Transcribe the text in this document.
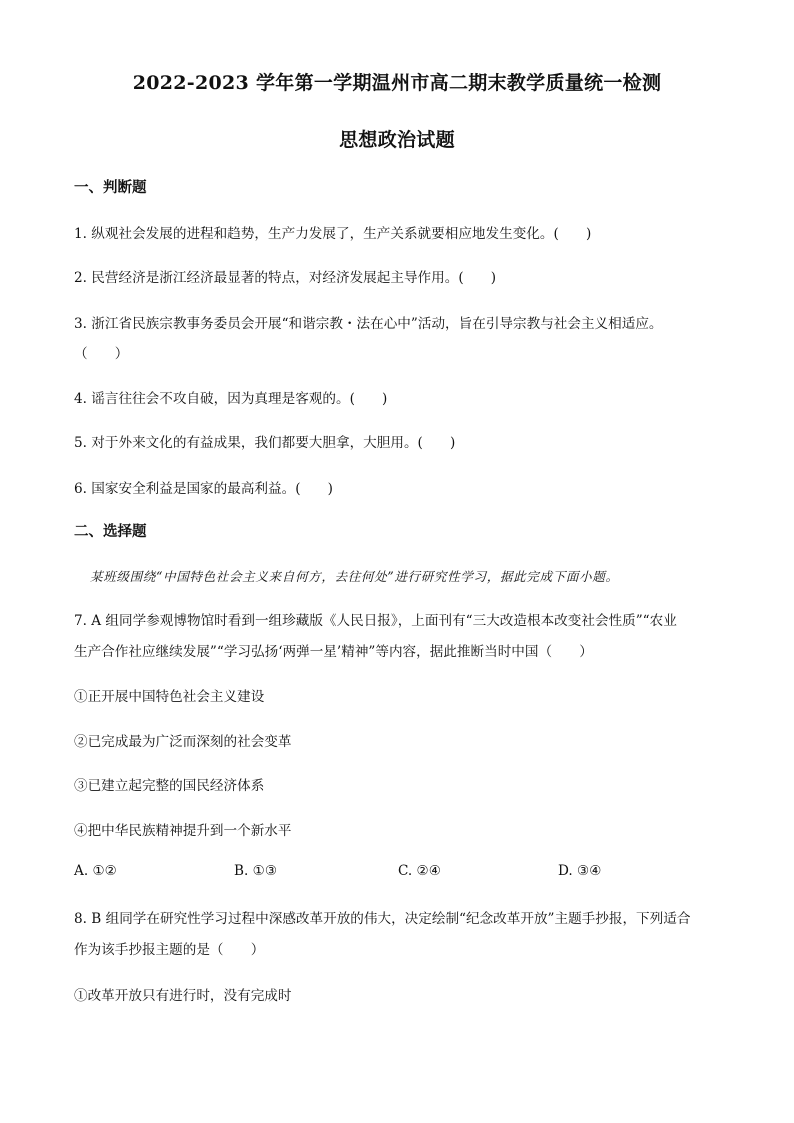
2022-2023 学年第一学期温州市高二期末教学质量统一检测
思想政治试题
一、判断题
1. 纵观社会发展的进程和趋势，生产力发展了，生产关系就要相应地发生变化。(　　)
2. 民营经济是浙江经济最显著的特点，对经济发展起主导作用。(　　)
3. 浙江省民族宗教事务委员会开展“和谐宗教・法在心中”活动，旨在引导宗教与社会主义相适应。
（　　）
4. 谣言往往会不攻自破，因为真理是客观的。(　　)
5. 对于外来文化的有益成果，我们都要大胆拿，大胆用。(　　)
6. 国家安全利益是国家的最高利益。(　　)
二、选择题
某班级围绕“中国特色社会主义来自何方，去往何处”进行研究性学习，据此完成下面小题。
7. A 组同学参观博物馆时看到一组珍藏版《人民日报》，上面刊有“三大改造根本改变社会性质”“农业
生产合作社应继续发展”“学习弘扬‘两弹一星’精神”等内容，据此推断当时中国（　　）
①正开展中国特色社会主义建设
②已完成最为广泛而深刻的社会变革
③已建立起完整的国民经济体系
④把中华民族精神提升到一个新水平
A. ①②	B. ①③	C. ②④	D. ③④
8. B 组同学在研究性学习过程中深感改革开放的伟大，决定绘制“纪念改革开放”主题手抄报，下列适合
作为该手抄报主题的是（　　）
①改革开放只有进行时，没有完成时
